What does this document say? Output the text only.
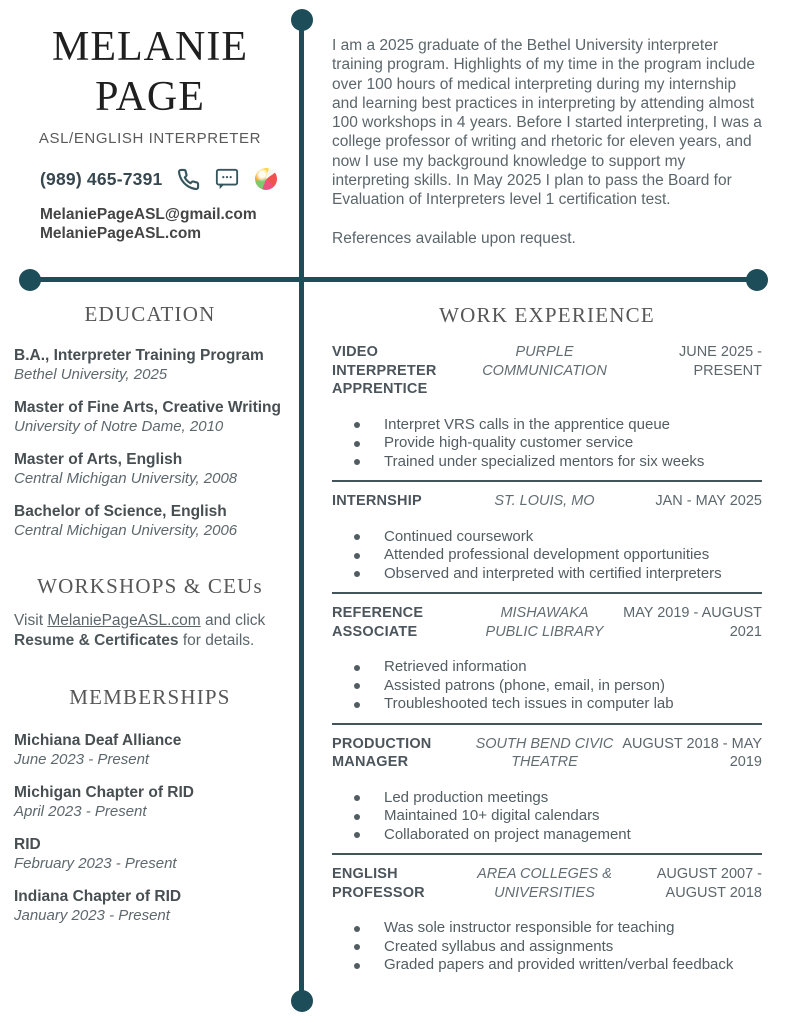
MELANIE
PAGE
ASL/ENGLISH INTERPRETER
(989) 465-7391
MelaniePageASL@gmail.com
MelaniePageASL.com
EDUCATION
B.A., Interpreter Training Program
Bethel University, 2025
Master of Fine Arts, Creative Writing
University of Notre Dame, 2010
Master of Arts, English
Central Michigan University, 2008
Bachelor of Science, English
Central Michigan University, 2006
WORKSHOPS & CEUs
Visit MelaniePageASL.com and click Resume & Certificates for details.
MEMBERSHIPS
Michiana Deaf Alliance
June 2023 - Present
Michigan Chapter of RID
April 2023 - Present
RID
February 2023 - Present
Indiana Chapter of RID
January 2023 - Present
I am a 2025 graduate of the Bethel University interpreter training program. Highlights of my time in the program include over 100 hours of medical interpreting during my internship and learning best practices in interpreting by attending almost 100 workshops in 4 years. Before I started interpreting, I was a college professor of writing and rhetoric for eleven years, and now I use my background knowledge to support my interpreting skills. In May 2025 I plan to pass the Board for Evaluation of Interpreters level 1 certification test.
References available upon request.
WORK EXPERIENCE
VIDEO INTERPRETER APPRENTICE
PURPLE COMMUNICATION
JUNE 2025 - PRESENT
Interpret VRS calls in the apprentice queue
Provide high-quality customer service
Trained under specialized mentors for six weeks
INTERNSHIP	ST. LOUIS, MO	JAN - MAY 2025
Continued coursework
Attended professional development opportunities
Observed and interpreted with certified interpreters
REFERENCE ASSOCIATE
MISHAWAKA PUBLIC LIBRARY
MAY 2019 - AUGUST 2021
Retrieved information
Assisted patrons (phone, email, in person)
Troubleshooted tech issues in computer lab
PRODUCTION MANAGER
SOUTH BEND CIVIC THEATRE
AUGUST 2018 - MAY 2019
Led production meetings
Maintained 10+ digital calendars
Collaborated on project management
ENGLISH PROFESSOR
AREA COLLEGES & UNIVERSITIES
AUGUST 2007 - AUGUST 2018
Was sole instructor responsible for teaching
Created syllabus and assignments
Graded papers and provided written/verbal feedback
